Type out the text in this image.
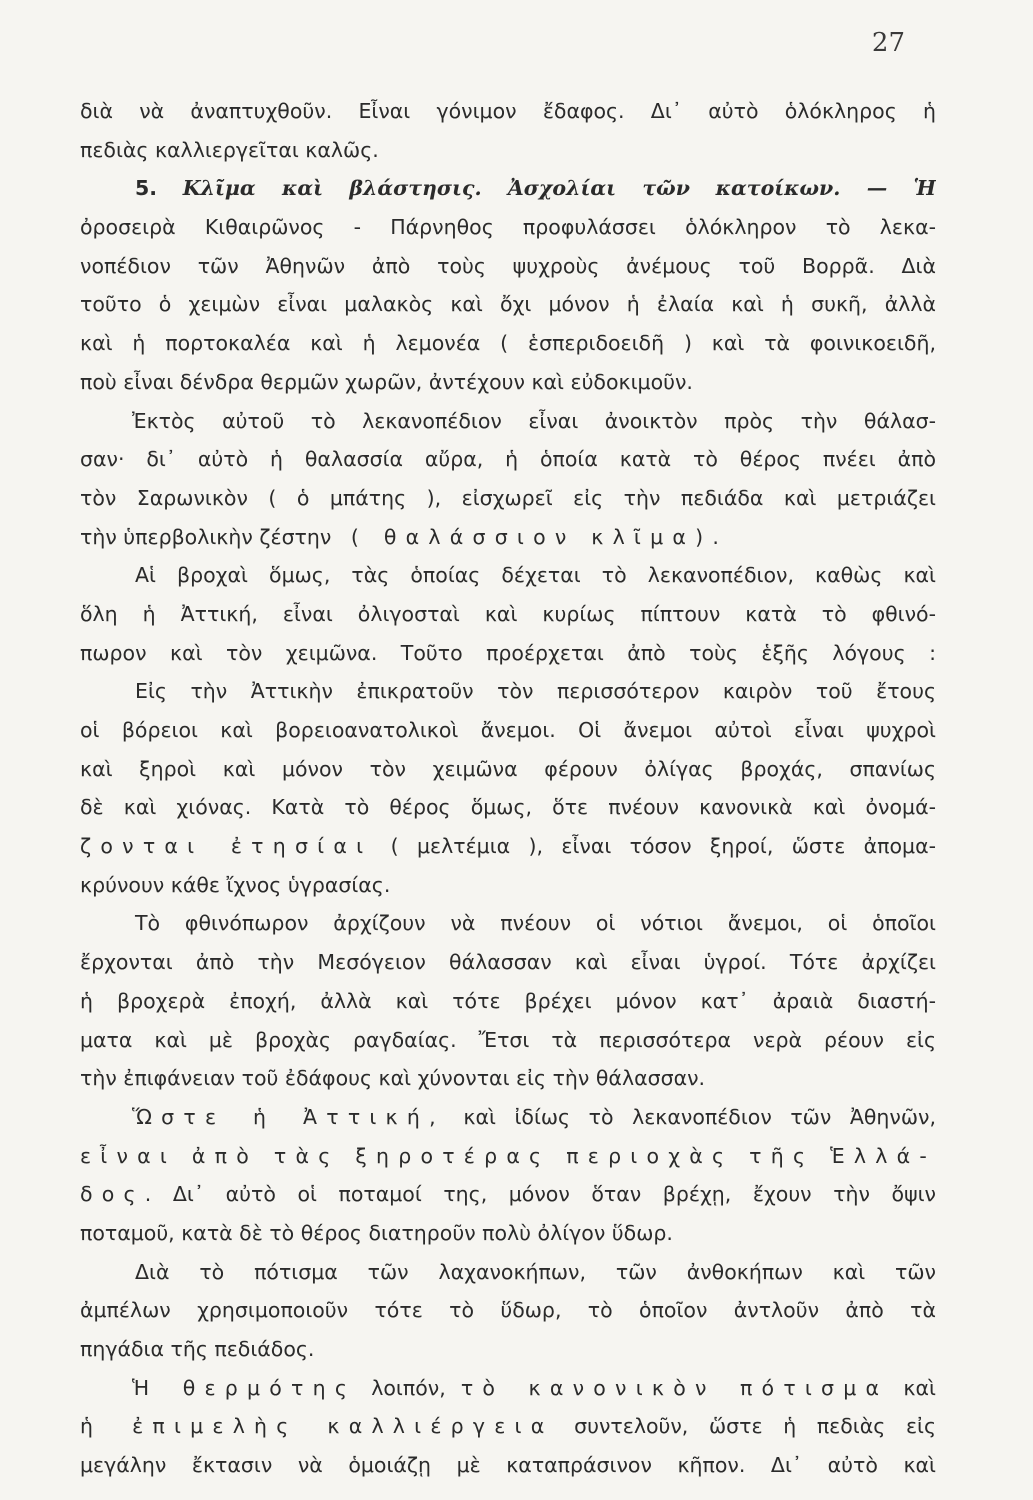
27
διὰ νὰ ἀναπτυχθοῦν. Εἶναι γόνιμον ἔδαφος. Δι᾽ αὐτὸ ὁλόκληρος ἡ
πεδιὰς καλλιεργεῖται καλῶς.
5. Κλῖμα καὶ βλάστησις. Ἀσχολίαι τῶν κατοίκων. — Ἡ
ὀροσειρὰ Κιθαιρῶνος - Πάρνηθος προφυλάσσει ὁλόκληρον τὸ λεκα-
νοπέδιον τῶν Ἀθηνῶν ἀπὸ τοὺς ψυχροὺς ἀνέμους τοῦ Βορρᾶ. Διὰ
τοῦτο ὁ χειμὼν εἶναι μαλακὸς καὶ ὄχι μόνον ἡ ἐλαία καὶ ἡ συκῆ, ἀλλὰ
καὶ ἡ πορτοκαλέα καὶ ἡ λεμονέα ( ἑσπεριδοειδῆ ) καὶ τὰ φοινικοειδῆ,
ποὺ εἶναι δένδρα θερμῶν χωρῶν, ἀντέχουν καὶ εὐδοκιμοῦν.
Ἐκτὸς αὐτοῦ τὸ λεκανοπέδιον εἶναι ἀνοικτὸν πρὸς τὴν θάλασ-
σαν· δι᾽ αὐτὸ ἡ θαλασσία αὔρα, ἡ ὁποία κατὰ τὸ θέρος πνέει ἀπὸ
τὸν Σαρωνικὸν ( ὁ μπάτης ), εἰσχωρεῖ εἰς τὴν πεδιάδα καὶ μετριάζει
τὴν ὑπερβολικὴν ζέστην ( θαλάσσιον κλῖμα).
Αἱ βροχαὶ ὅμως, τὰς ὁποίας δέχεται τὸ λεκανοπέδιον, καθὼς καὶ
ὅλη ἡ Ἀττική, εἶναι ὀλιγοσταὶ καὶ κυρίως πίπτουν κατὰ τὸ φθινό-
πωρον καὶ τὸν χειμῶνα. Τοῦτο προέρχεται ἀπὸ τοὺς ἑξῆς λόγους :
Εἰς τὴν Ἀττικὴν ἐπικρατοῦν τὸν περισσότερον καιρὸν τοῦ ἔτους
οἱ βόρειοι καὶ βορειοανατολικοὶ ἄνεμοι. Οἱ ἄνεμοι αὐτοὶ εἶναι ψυχροὶ
καὶ ξηροὶ καὶ μόνον τὸν χειμῶνα φέρουν ὀλίγας βροχάς, σπανίως
δὲ καὶ χιόνας. Κατὰ τὸ θέρος ὅμως, ὅτε πνέουν κανονικὰ καὶ ὀνομά-
ζονται ἐτησίαι ( μελτέμια ), εἶναι τόσον ξηροί, ὥστε ἀπομα-
κρύνουν κάθε ἴχνος ὑγρασίας.
Τὸ φθινόπωρον ἀρχίζουν νὰ πνέουν οἱ νότιοι ἄνεμοι, οἱ ὁποῖοι
ἔρχονται ἀπὸ τὴν Μεσόγειον θάλασσαν καὶ εἶναι ὑγροί. Τότε ἀρχίζει
ἡ βροχερὰ ἐποχή, ἀλλὰ καὶ τότε βρέχει μόνον κατ᾽ ἀραιὰ διαστή-
ματα καὶ μὲ βροχὰς ραγδαίας. Ἔτσι τὰ περισσότερα νερὰ ρέουν εἰς
τὴν ἐπιφάνειαν τοῦ ἐδάφους καὶ χύνονται εἰς τὴν θάλασσαν.
Ὥστε ἡ Ἀττική, καὶ ἰδίως τὸ λεκανοπέδιον τῶν Ἀθηνῶν,
εἶναι ἀπὸ τὰς ξηροτέρας περιοχὰς τῆς Ἑλλά-
δος. Δι᾽ αὐτὸ οἱ ποταμοί της, μόνον ὅταν βρέχῃ, ἔχουν τὴν ὄψιν
ποταμοῦ, κατὰ δὲ τὸ θέρος διατηροῦν πολὺ ὀλίγον ὕδωρ.
Διὰ τὸ πότισμα τῶν λαχανοκήπων, τῶν ἀνθοκήπων καὶ τῶν
ἀμπέλων χρησιμοποιοῦν τότε τὸ ὕδωρ, τὸ ὁποῖον ἀντλοῦν ἀπὸ τὰ
πηγάδια τῆς πεδιάδος.
Ἡ θερμότης λοιπόν, τὸ κανονικὸν πότισμα καὶ
ἡ ἐπιμελὴς καλλιέργεια συντελοῦν, ὥστε ἡ πεδιὰς εἰς
μεγάλην ἔκτασιν νὰ ὁμοιάζῃ μὲ καταπράσινον κῆπον. Δι᾽ αὐτὸ καὶ
